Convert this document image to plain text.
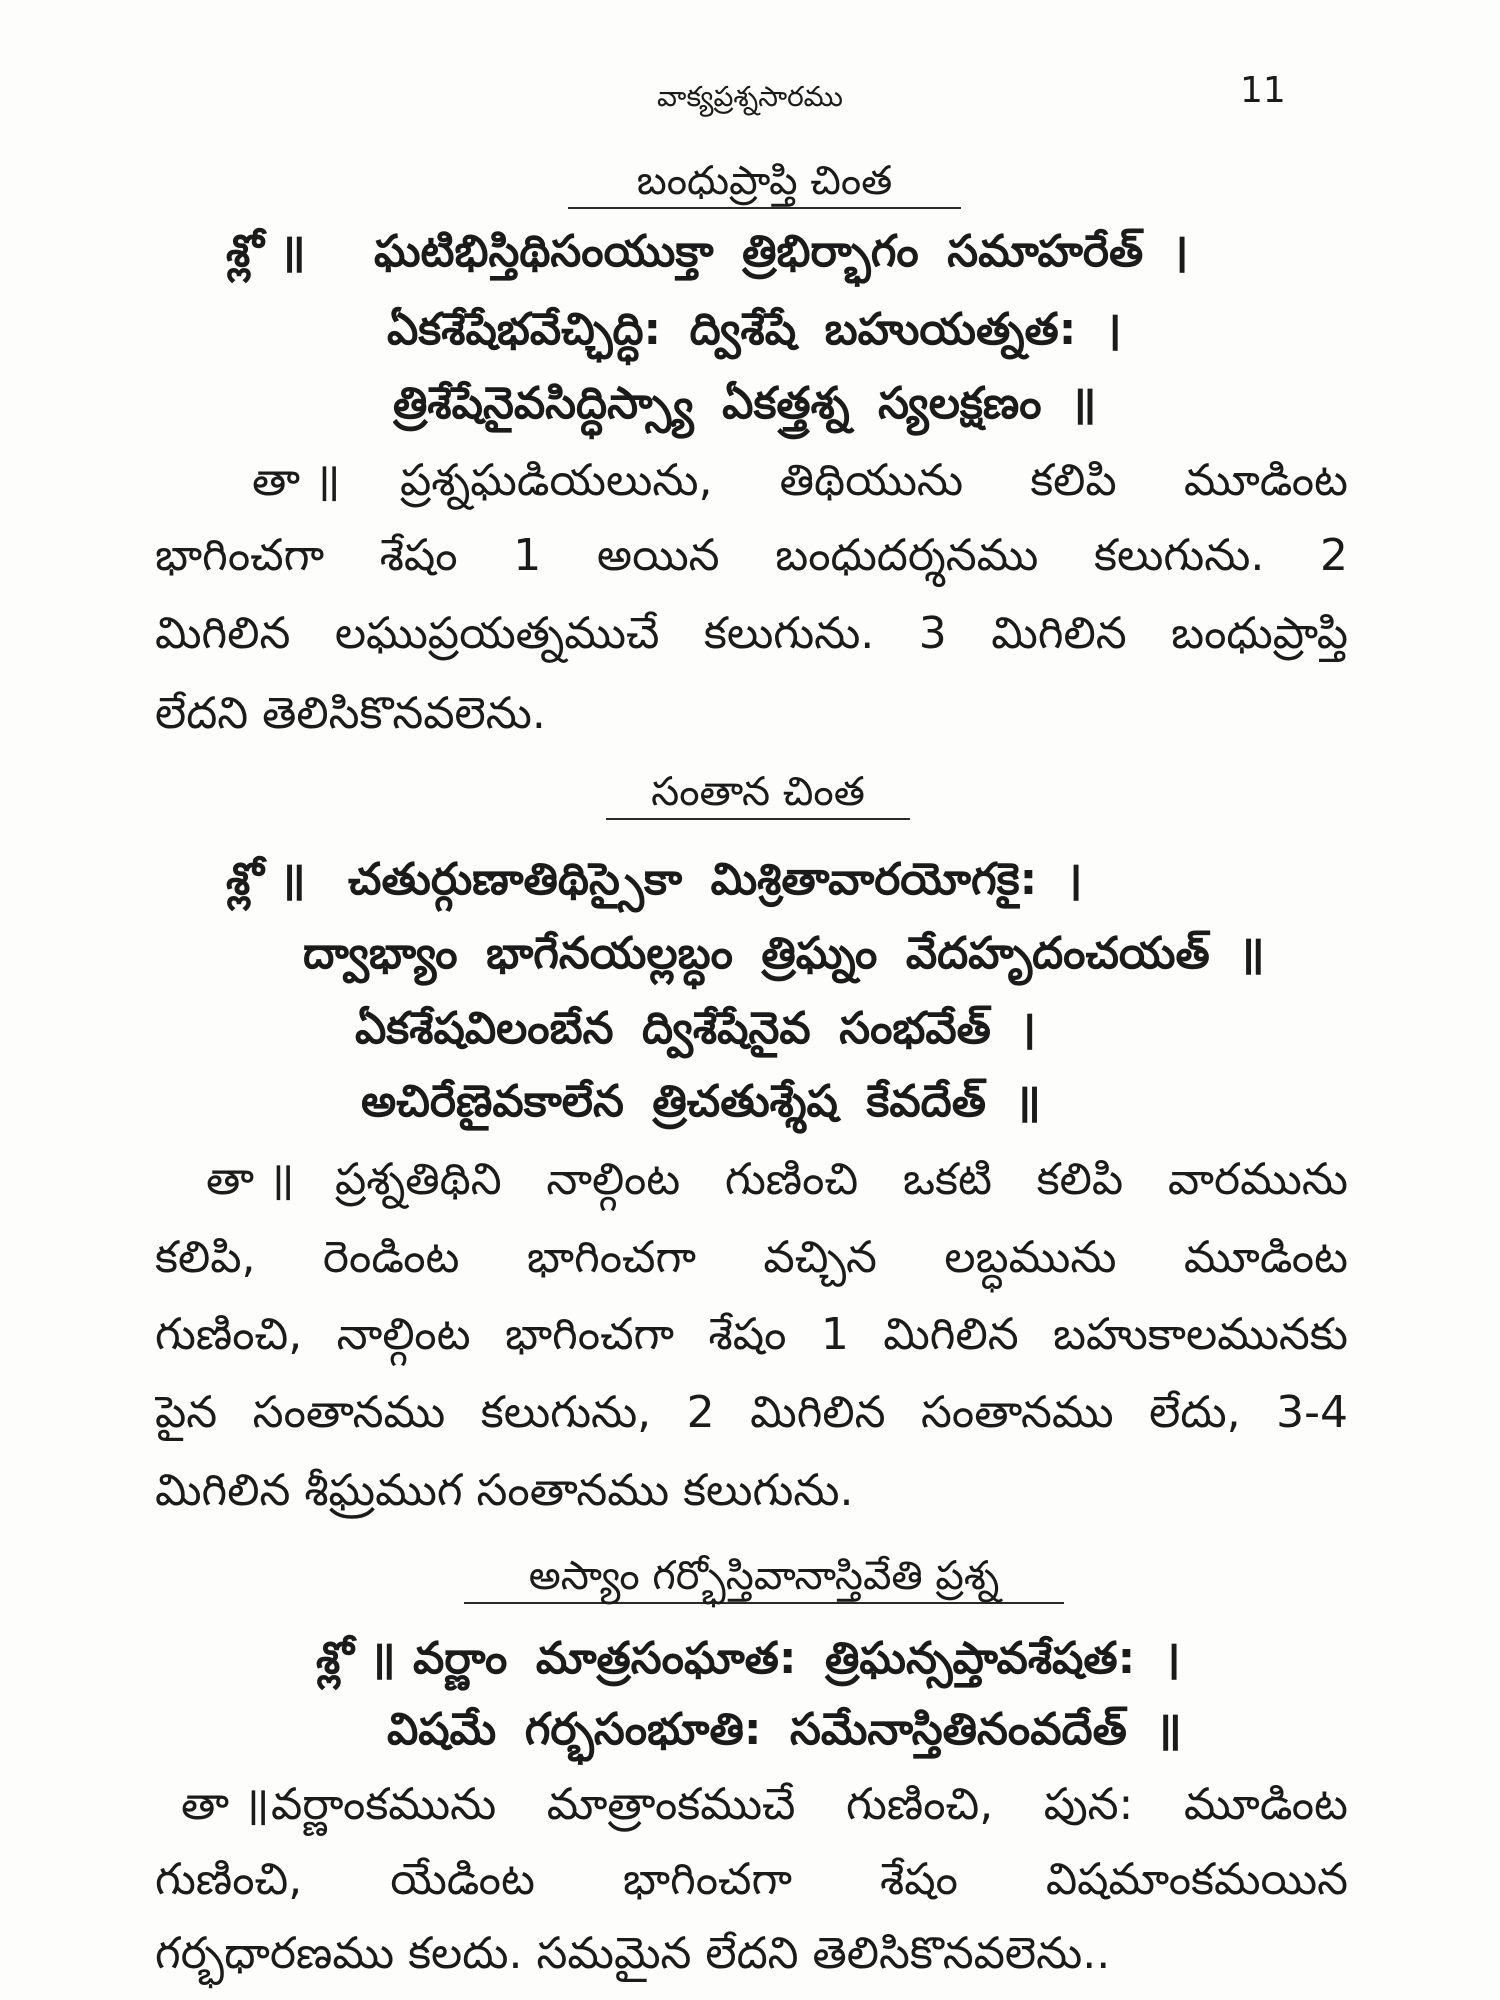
వాక్యప్రశ్నసారము	11
బంధుప్రాప్తి చింత
శ్లో ॥	ఘటిభిస్తిథిసంయుక్తా త్రిభిర్భాగం సమాహరేత్ ।
ఏకశేషేభవేచ్ఛిద్ధి: ద్విశేషే బహుయత్నత: ।
త్రిశేషేనైవసిద్ధిస్స్యా ఏకత్త్రశ్న స్యలక్షణం ॥
తా ॥	ప్రశ్నఘడియలును, తిథియును కలిపి మూడింట
భాగించగా శేషం 1 అయిన బంధుదర్శనము కలుగును. 2
మిగిలిన లఘుప్రయత్నముచే కలుగును. 3 మిగిలిన బంధుప్రాప్తి
లేదని తెలిసికొనవలెను.
సంతాన చింత
శ్లో ॥ చతుర్గుణాతిథిస్సైకా మిశ్రితావారయోగకై: ।
ద్వాభ్యాం భాగేనయల్లబ్ధం త్రిఘ్నం వేదహృదంచయత్ ॥
ఏకశేషవిలంబేన ద్విశేషేనైవ సంభవేత్ ।
అచిరేణైవకాలేన త్రిచతుశ్శేష కేవదేత్ ॥
తా ॥ ప్రశ్నతిథిని నాల్గింట గుణించి ఒకటి కలిపి వారమును
కలిపి, రెండింట భాగించగా వచ్చిన లబ్ధమును మూడింట
గుణించి, నాల్గింట భాగించగా శేషం 1 మిగిలిన బహుకాలమునకు
పైన సంతానము కలుగును, 2 మిగిలిన సంతానము లేదు, 3-4
మిగిలిన శీఘ్రముగ సంతానము కలుగును.
అస్యాం గర్భోస్తివానాస్తివేతి ప్రశ్న
శ్లో ॥ వర్ణాం మాత్రసంఘాత: త్రిఘన్సప్తావశేషత: ।
విషమే గర్భసంభూతి: సమేనాస్తితినంవదేత్ ॥
తా ॥ వర్ణాంకమును మాత్రాంకముచే గుణించి, పున: మూడింట
గుణించి, యేడింట భాగించగా శేషం విషమాంకమయిన
గర్భధారణము కలదు. సమమైన లేదని తెలిసికొనవలెను..
